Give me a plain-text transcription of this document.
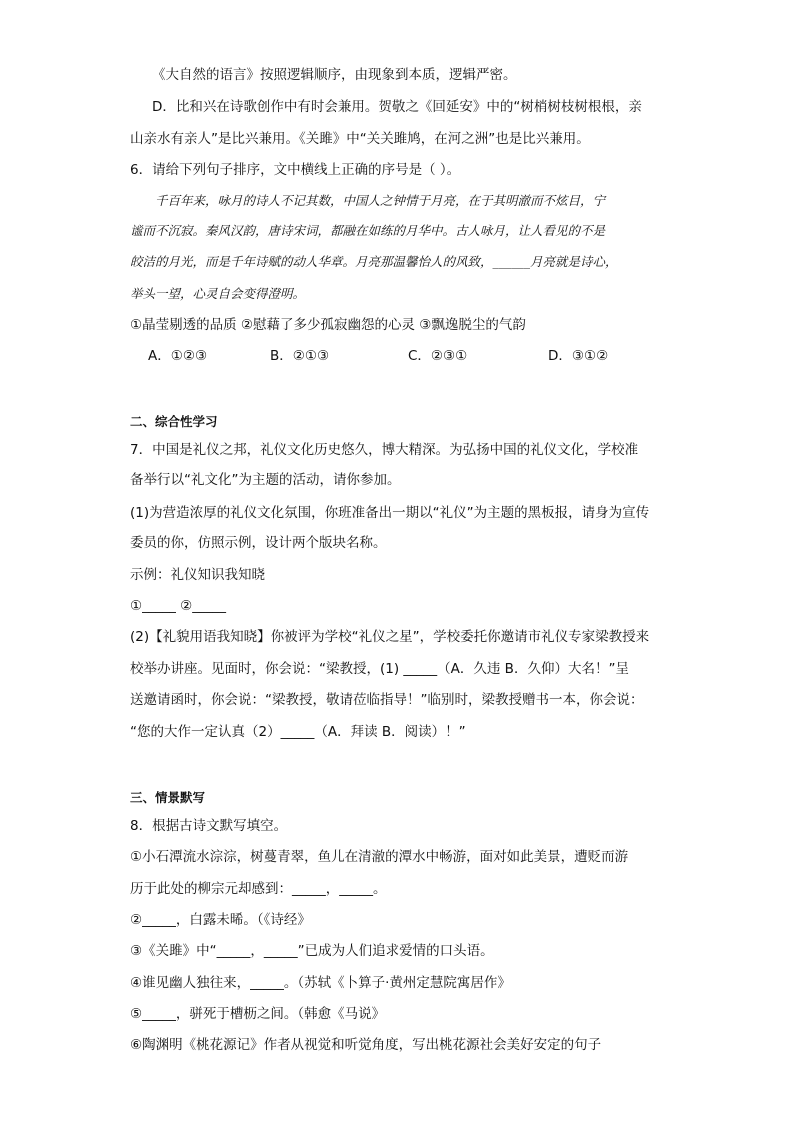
《大自然的语言》按照逻辑顺序，由现象到本质，逻辑严密。
D．比和兴在诗歌创作中有时会兼用。贺敬之《回延安》中的“树梢树枝树根根，亲
山亲水有亲人”是比兴兼用。《关雎》中“关关雎鸠，在河之洲”也是比兴兼用。
6．请给下列句子排序，文中横线上正确的序号是（ ）。
千百年来，咏月的诗人不记其数，中国人之钟情于月亮，在于其明澈而不炫目，宁
谧而不沉寂。秦风汉韵，唐诗宋词，都融在如练的月华中。古人咏月，让人看见的不是
皎洁的月光，而是千年诗赋的动人华章。月亮那温馨怡人的风致，______月亮就是诗心，
举头一望，心灵自会变得澄明。
①晶莹剔透的品质 ②慰藉了多少孤寂幽怨的心灵 ③飘逸脱尘的气韵
A．①②③	B．②①③	C．②③①	D．③①②
二、综合性学习
7．中国是礼仪之邦，礼仪文化历史悠久，博大精深。为弘扬中国的礼仪文化，学校准
备举行以“礼文化”为主题的活动，请你参加。
(1)为营造浓厚的礼仪文化氛围，你班准备出一期以“礼仪”为主题的黑板报，请身为宣传
委员的你，仿照示例，设计两个版块名称。
示例：礼仪知识我知晓
①_____ ②_____
(2)【礼貌用语我知晓】你被评为学校“礼仪之星”，学校委托你邀请市礼仪专家梁教授来
校举办讲座。见面时，你会说：“梁教授，(1) _____（A．久违 B．久仰）大名！”呈
送邀请函时，你会说：“梁教授，敬请莅临指导！”临别时，梁教授赠书一本，你会说：
“您的大作一定认真（2）_____（A．拜读 B．阅读）！”
三、情景默写
8．根据古诗文默写填空。
①小石潭流水淙淙，树蔓青翠，鱼儿在清澈的潭水中畅游，面对如此美景，遭贬而游
历于此处的柳宗元却感到：_____，_____。
②_____，白露未晞。（《诗经》
③《关雎》中“_____，_____”已成为人们追求爱情的口头语。
④谁见幽人独往来，_____。（苏轼《卜算子·黄州定慧院寓居作》
⑤_____，骈死于槽枥之间。（韩愈《马说》
⑥陶渊明《桃花源记》作者从视觉和听觉角度，写出桃花源社会美好安定的句子
